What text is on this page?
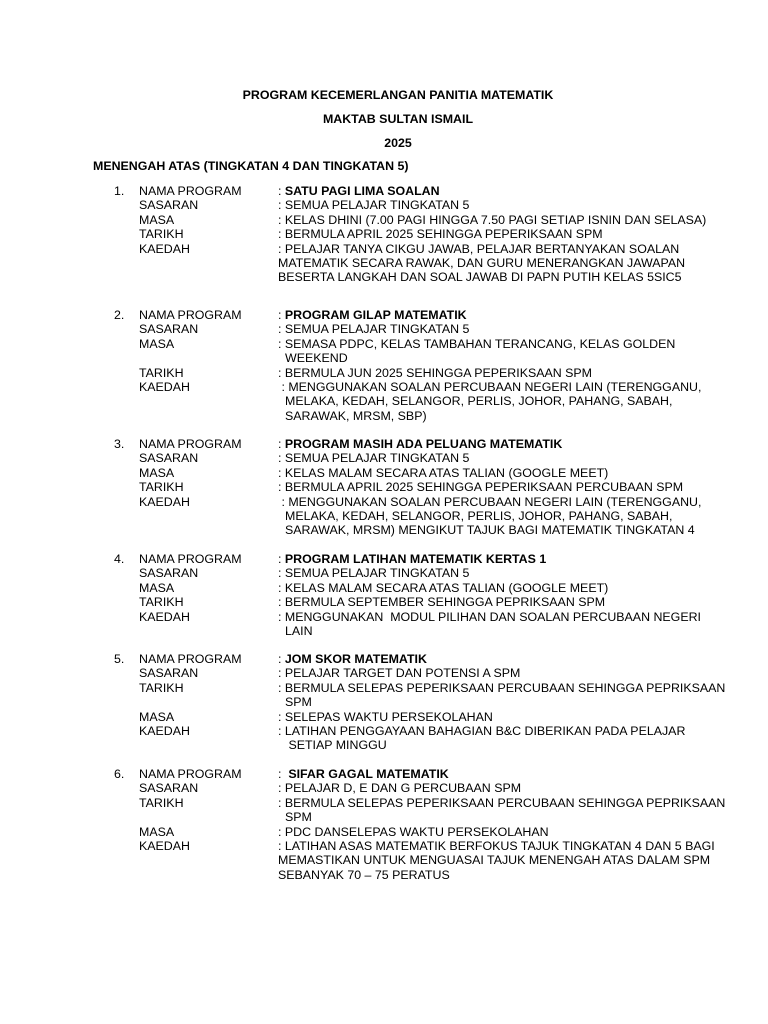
PROGRAM KECEMERLANGAN PANITIA MATEMATIK
MAKTAB SULTAN ISMAIL
2025
MENENGAH ATAS (TINGKATAN 4 DAN TINGKATAN 5)
1. NAMA PROGRAM	: SATU PAGI LIMA SOALAN
SASARAN	: SEMUA PELAJAR TINGKATAN 5
MASA	: KELAS DHINI (7.00 PAGI HINGGA 7.50 PAGI SETIAP ISNIN DAN SELASA)
TARIKH	: BERMULA APRIL 2025 SEHINGGA PEPERIKSAAN SPM
KAEDAH	: PELAJAR TANYA CIKGU JAWAB, PELAJAR BERTANYAKAN SOALAN
MATEMATIK SECARA RAWAK, DAN GURU MENERANGKAN JAWAPAN
BESERTA LANGKAH DAN SOAL JAWAB DI PAPN PUTIH KELAS 5SIC5
2. NAMA PROGRAM	: PROGRAM GILAP MATEMATIK
SASARAN	: SEMUA PELAJAR TINGKATAN 5
MASA	: SEMASA PDPC, KELAS TAMBAHAN TERANCANG, KELAS GOLDEN
WEEKEND
TARIKH	: BERMULA JUN 2025 SEHINGGA PEPERIKSAAN SPM
KAEDAH	: MENGGUNAKAN SOALAN PERCUBAAN NEGERI LAIN (TERENGGANU,
MELAKA, KEDAH, SELANGOR, PERLIS, JOHOR, PAHANG, SABAH,
SARAWAK, MRSM, SBP)
3. NAMA PROGRAM	: PROGRAM MASIH ADA PELUANG MATEMATIK
SASARAN	: SEMUA PELAJAR TINGKATAN 5
MASA	: KELAS MALAM SECARA ATAS TALIAN (GOOGLE MEET)
TARIKH	: BERMULA APRIL 2025 SEHINGGA PEPERIKSAAN PERCUBAAN SPM
KAEDAH	: MENGGUNAKAN SOALAN PERCUBAAN NEGERI LAIN (TERENGGANU,
MELAKA, KEDAH, SELANGOR, PERLIS, JOHOR, PAHANG, SABAH,
SARAWAK, MRSM) MENGIKUT TAJUK BAGI MATEMATIK TINGKATAN 4
4. NAMA PROGRAM	: PROGRAM LATIHAN MATEMATIK KERTAS 1
SASARAN	: SEMUA PELAJAR TINGKATAN 5
MASA	: KELAS MALAM SECARA ATAS TALIAN (GOOGLE MEET)
TARIKH	: BERMULA SEPTEMBER SEHINGGA PEPRIKSAAN SPM
KAEDAH	: MENGGUNAKAN  MODUL PILIHAN DAN SOALAN PERCUBAAN NEGERI
LAIN
5. NAMA PROGRAM	: JOM SKOR MATEMATIK
SASARAN	: PELAJAR TARGET DAN POTENSI A SPM
TARIKH	: BERMULA SELEPAS PEPERIKSAAN PERCUBAAN SEHINGGA PEPRIKSAAN
SPM
MASA	: SELEPAS WAKTU PERSEKOLAHAN
KAEDAH	: LATIHAN PENGGAYAAN BAHAGIAN B&C DIBERIKAN PADA PELAJAR
SETIAP MINGGU
6. NAMA PROGRAM	:  SIFAR GAGAL MATEMATIK
SASARAN	: PELAJAR D, E DAN G PERCUBAAN SPM
TARIKH	: BERMULA SELEPAS PEPERIKSAAN PERCUBAAN SEHINGGA PEPRIKSAAN
SPM
MASA	: PDC DANSELEPAS WAKTU PERSEKOLAHAN
KAEDAH	: LATIHAN ASAS MATEMATIK BERFOKUS TAJUK TINGKATAN 4 DAN 5 BAGI
MEMASTIKAN UNTUK MENGUASAI TAJUK MENENGAH ATAS DALAM SPM
SEBANYAK 70 – 75 PERATUS
